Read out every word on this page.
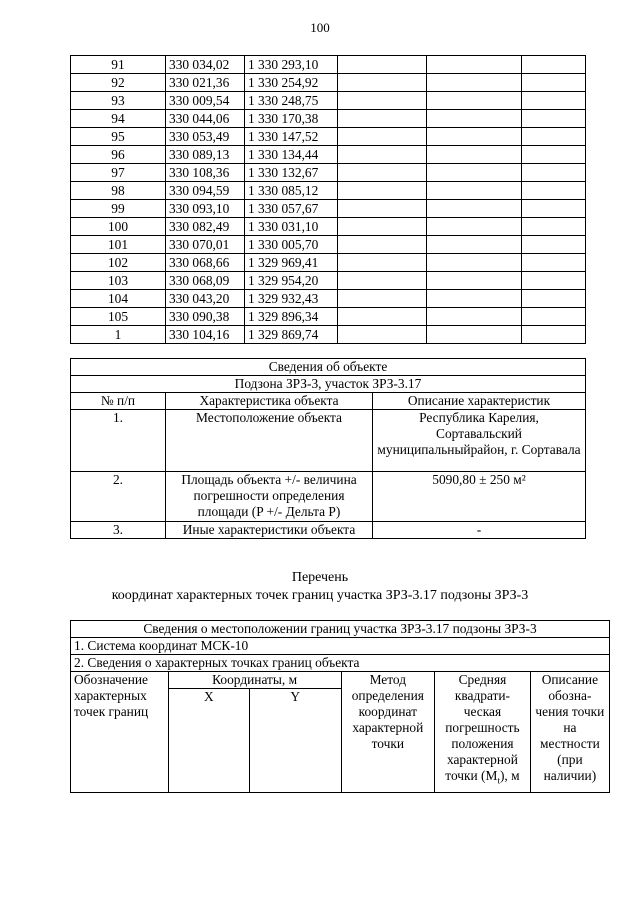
100
91	330 034,02	1 330 293,10			
92	330 021,36	1 330 254,92			
93	330 009,54	1 330 248,75			
94	330 044,06	1 330 170,38			
95	330 053,49	1 330 147,52			
96	330 089,13	1 330 134,44			
97	330 108,36	1 330 132,67			
98	330 094,59	1 330 085,12			
99	330 093,10	1 330 057,67			
100	330 082,49	1 330 031,10			
101	330 070,01	1 330 005,70			
102	330 068,66	1 329 969,41			
103	330 068,09	1 329 954,20			
104	330 043,20	1 329 932,43			
105	330 090,38	1 329 896,34			
1	330 104,16	1 329 869,74			
Сведения об объекте		
Подзона ЗРЗ-3, участок ЗРЗ-3.17		
№ п/п	Характеристика объекта	Описание характеристик
1.	Местоположение объекта	Республика Карелия, Сортавальский муниципальныйрайон, г. Сортавала
2.	Площадь объекта +/- величина погрешности определения площади (P +/- Дельта P)	5090,80 ± 250 м²
3.	Иные характеристики объекта	-
Перечень
координат характерных точек границ участка ЗРЗ-3.17 подзоны ЗРЗ-3
Сведения о местоположении границ участка ЗРЗ-3.17 подзоны ЗРЗ-3					
1. Система координат МСК-10					
2. Сведения о характерных точках границ объекта					
Обозначение характерных точек границ	Координаты, м		Метод определения координат характерной точки	Средняя квадрати- ческая погрешность положения характерной точки $(M_t)$, м	Описание обозна- чения точки на местности (при наличии)
	X	Y			
